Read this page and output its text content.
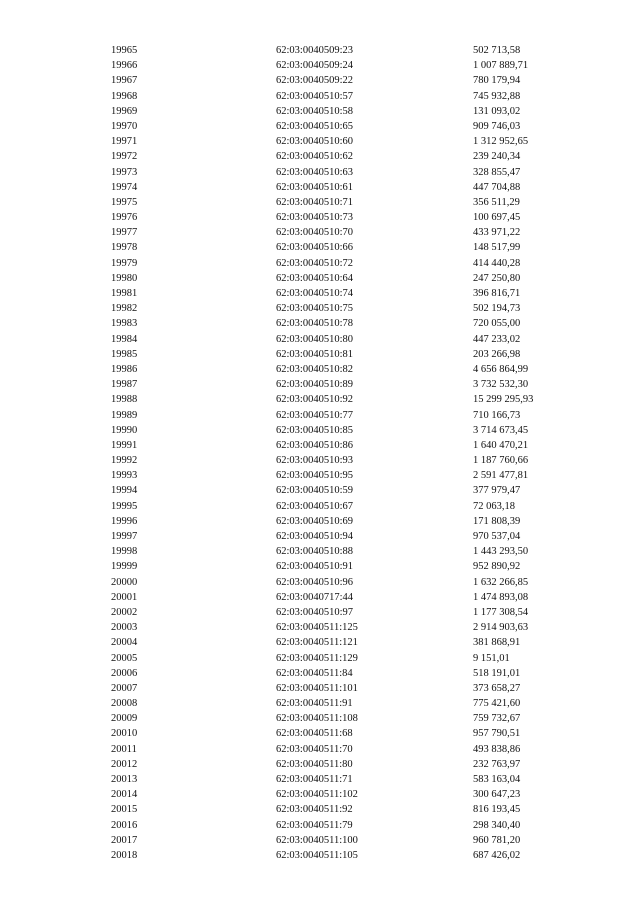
19965	62:03:0040509:23	502 713,58
19966	62:03:0040509:24	1 007 889,71
19967	62:03:0040509:22	780 179,94
19968	62:03:0040510:57	745 932,88
19969	62:03:0040510:58	131 093,02
19970	62:03:0040510:65	909 746,03
19971	62:03:0040510:60	1 312 952,65
19972	62:03:0040510:62	239 240,34
19973	62:03:0040510:63	328 855,47
19974	62:03:0040510:61	447 704,88
19975	62:03:0040510:71	356 511,29
19976	62:03:0040510:73	100 697,45
19977	62:03:0040510:70	433 971,22
19978	62:03:0040510:66	148 517,99
19979	62:03:0040510:72	414 440,28
19980	62:03:0040510:64	247 250,80
19981	62:03:0040510:74	396 816,71
19982	62:03:0040510:75	502 194,73
19983	62:03:0040510:78	720 055,00
19984	62:03:0040510:80	447 233,02
19985	62:03:0040510:81	203 266,98
19986	62:03:0040510:82	4 656 864,99
19987	62:03:0040510:89	3 732 532,30
19988	62:03:0040510:92	15 299 295,93
19989	62:03:0040510:77	710 166,73
19990	62:03:0040510:85	3 714 673,45
19991	62:03:0040510:86	1 640 470,21
19992	62:03:0040510:93	1 187 760,66
19993	62:03:0040510:95	2 591 477,81
19994	62:03:0040510:59	377 979,47
19995	62:03:0040510:67	72 063,18
19996	62:03:0040510:69	171 808,39
19997	62:03:0040510:94	970 537,04
19998	62:03:0040510:88	1 443 293,50
19999	62:03:0040510:91	952 890,92
20000	62:03:0040510:96	1 632 266,85
20001	62:03:0040717:44	1 474 893,08
20002	62:03:0040510:97	1 177 308,54
20003	62:03:0040511:125	2 914 903,63
20004	62:03:0040511:121	381 868,91
20005	62:03:0040511:129	9 151,01
20006	62:03:0040511:84	518 191,01
20007	62:03:0040511:101	373 658,27
20008	62:03:0040511:91	775 421,60
20009	62:03:0040511:108	759 732,67
20010	62:03:0040511:68	957 790,51
20011	62:03:0040511:70	493 838,86
20012	62:03:0040511:80	232 763,97
20013	62:03:0040511:71	583 163,04
20014	62:03:0040511:102	300 647,23
20015	62:03:0040511:92	816 193,45
20016	62:03:0040511:79	298 340,40
20017	62:03:0040511:100	960 781,20
20018	62:03:0040511:105	687 426,02
